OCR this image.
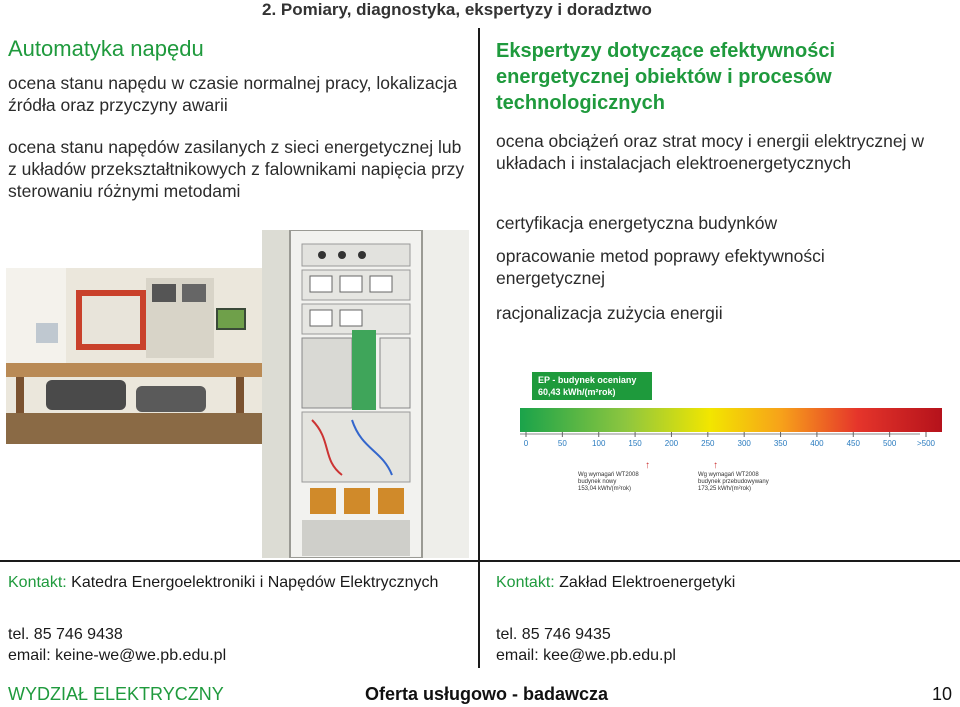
2. Pomiary, diagnostyka, ekspertyzy i doradztwo
Automatyka napędu
ocena stanu napędu w czasie normalnej pracy, lokalizacja źródła oraz przyczyny awarii
ocena stanu napędów zasilanych z sieci energetycznej lub z układów przekształtnikowych z falownikami napięcia przy sterowaniu różnymi metodami
Ekspertyzy dotyczące efektywności energetycznej obiektów i procesów technologicznych
ocena obciążeń oraz strat mocy i energii elektrycznej w układach i instalacjach elektroenergetycznych
certyfikacja energetyczna budynków
opracowanie metod poprawy efektywności energetycznej
racjonalizacja zużycia energii
EP - budynek oceniany
60,43 kWh/(m²rok)
0	50	100	150	200	250	300	350	400	450	500	>500
↑	↑
Wg wymagań WT2008
budynek nowy
153,04 kWh/(m²rok)
Wg wymagań WT2008
budynek przebudowywany
173,25 kWh/(m²rok)
Kontakt: Katedra Energoelektroniki i Napędów Elektrycznych
tel. 85 746 9438
email: keine-we@we.pb.edu.pl
Kontakt: Zakład Elektroenergetyki
tel. 85 746 9435
email: kee@we.pb.edu.pl
WYDZIAŁ ELEKTRYCZNY	Oferta usługowo - badawcza	10
